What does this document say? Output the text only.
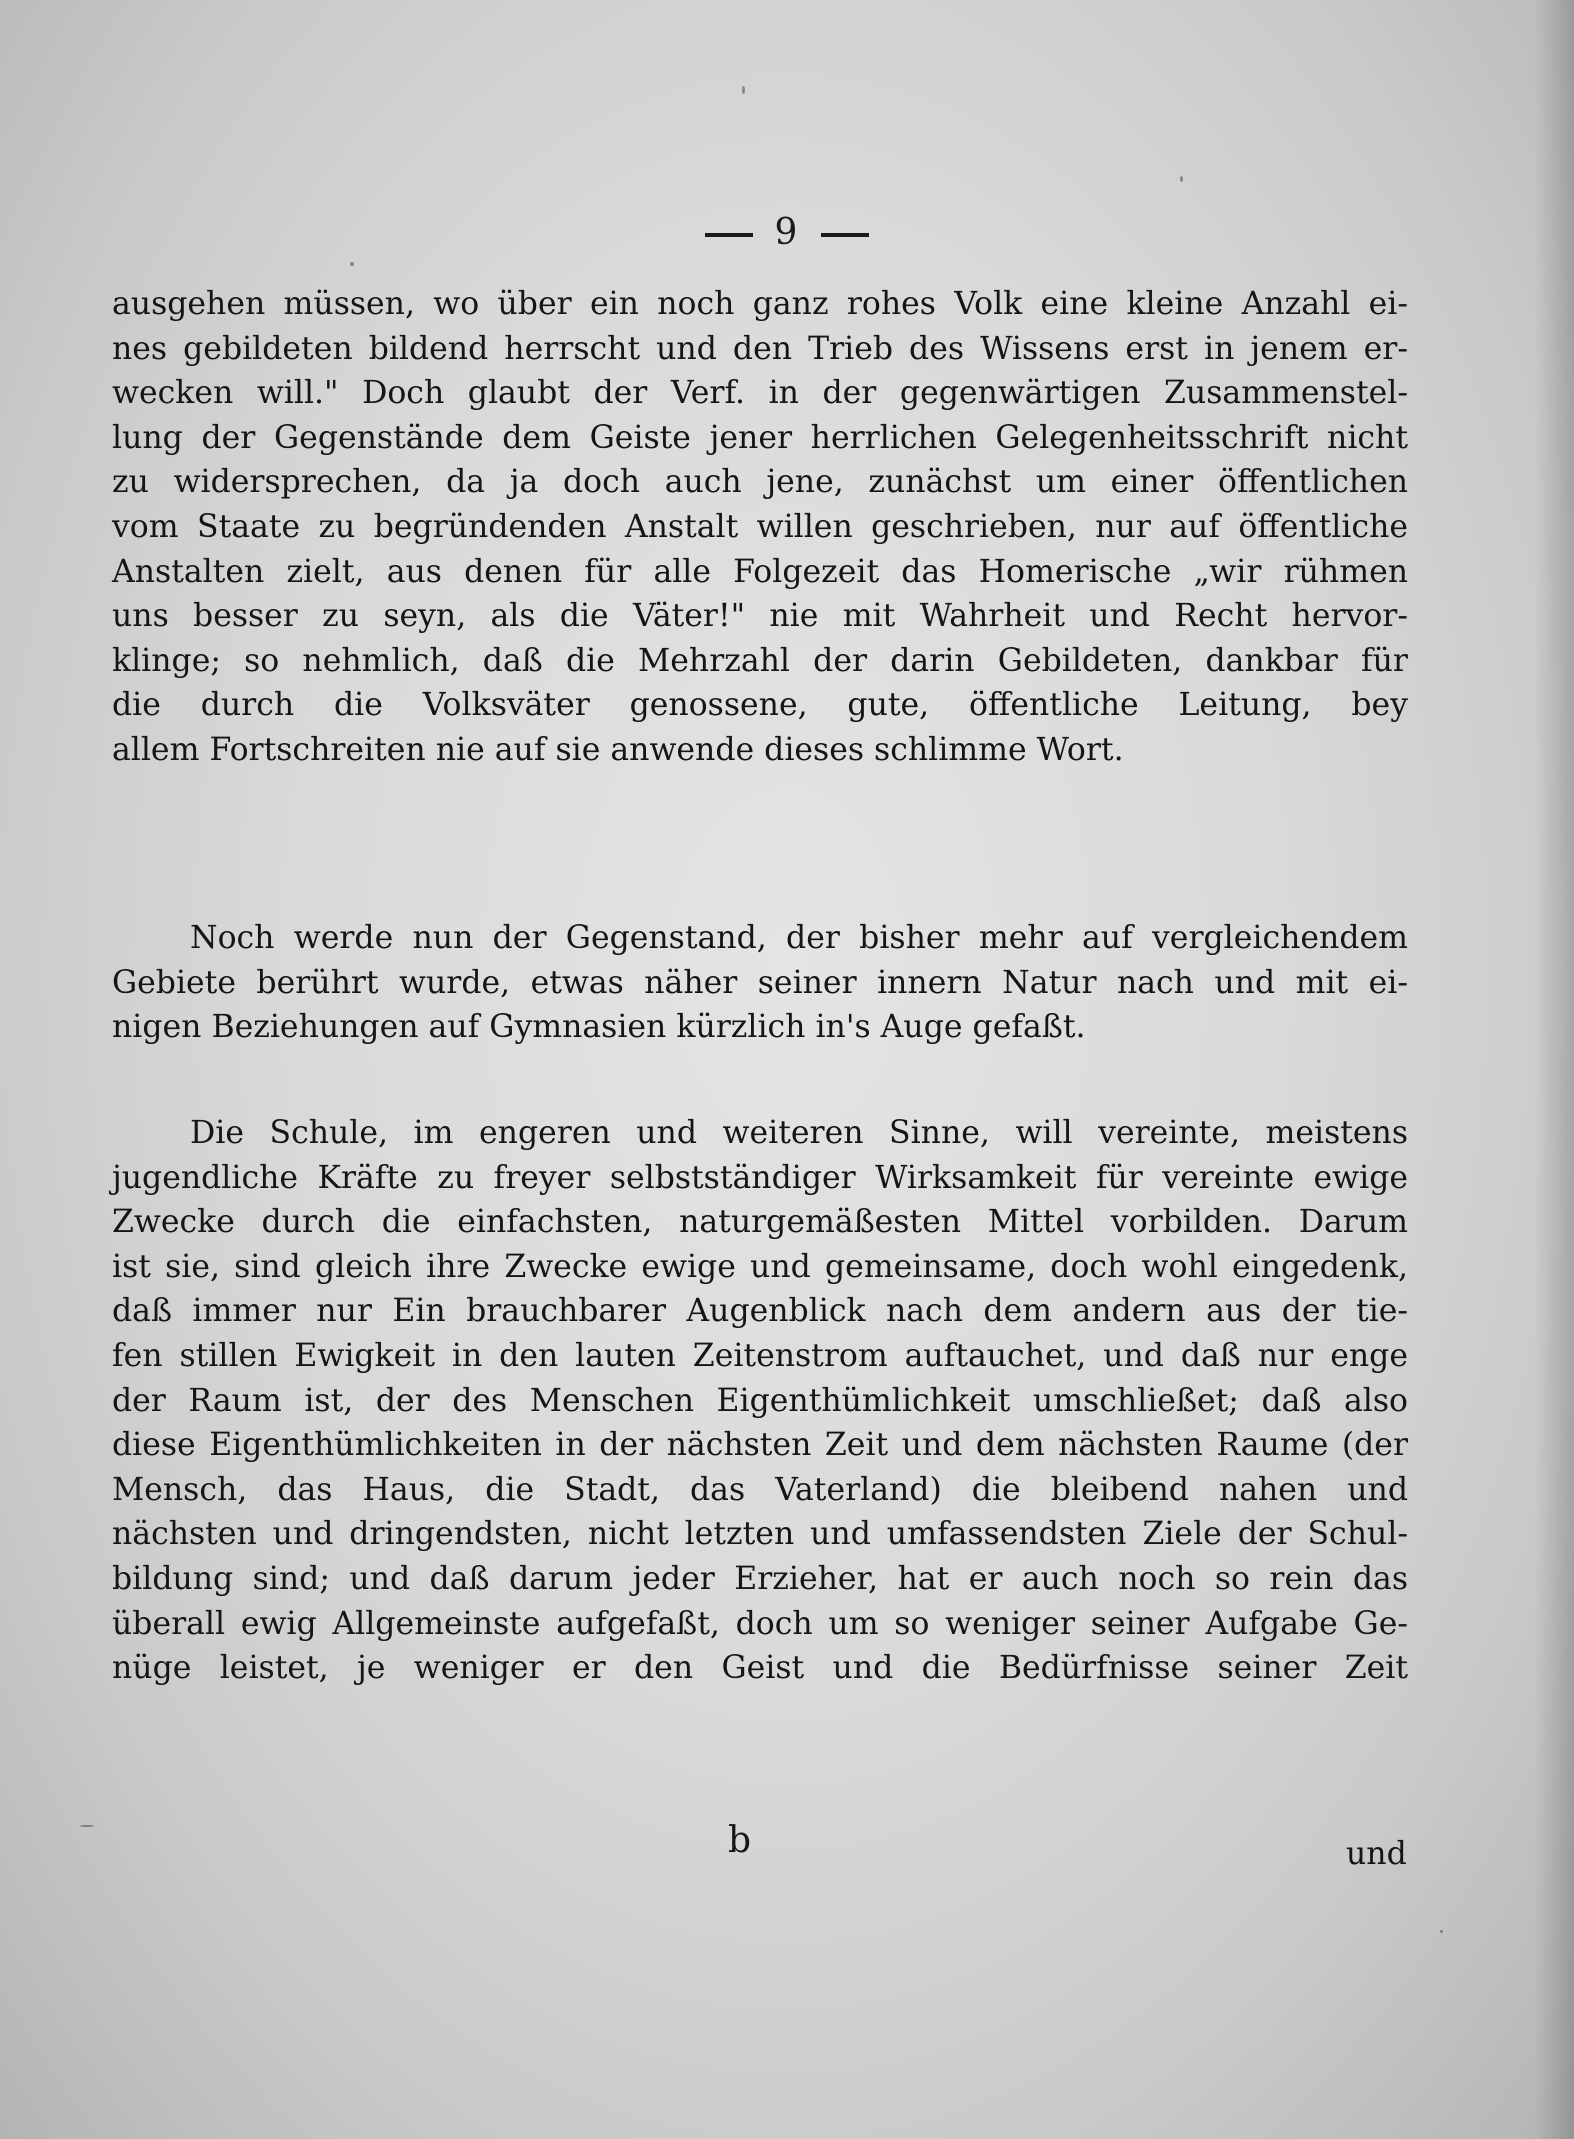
9
ausgehen müssen, wo über ein noch ganz rohes Volk eine kleine Anzahl ei-
nes gebildeten bildend herrscht und den Trieb des Wissens erst in jenem er-
wecken will." Doch glaubt der Verf. in der gegenwärtigen Zusammenstel-
lung der Gegenstände dem Geiste jener herrlichen Gelegenheitsschrift nicht
zu widersprechen, da ja doch auch jene, zunächst um einer öffentlichen
vom Staate zu begründenden Anstalt willen geschrieben, nur auf öffentliche
Anstalten zielt, aus denen für alle Folgezeit das Homerische „wir rühmen
uns besser zu seyn, als die Väter!" nie mit Wahrheit und Recht hervor-
klinge; so nehmlich, daß die Mehrzahl der darin Gebildeten, dankbar für
die durch die Volksväter genossene, gute, öffentliche Leitung, bey
allem Fortschreiten nie auf sie anwende dieses schlimme Wort.
Noch werde nun der Gegenstand, der bisher mehr auf vergleichendem
Gebiete berührt wurde, etwas näher seiner innern Natur nach und mit ei-
nigen Beziehungen auf Gymnasien kürzlich in's Auge gefaßt.
Die Schule, im engeren und weiteren Sinne, will vereinte, meistens
jugendliche Kräfte zu freyer selbstständiger Wirksamkeit für vereinte ewige
Zwecke durch die einfachsten, naturgemäßesten Mittel vorbilden. Darum
ist sie, sind gleich ihre Zwecke ewige und gemeinsame, doch wohl eingedenk,
daß immer nur Ein brauchbarer Augenblick nach dem andern aus der tie-
fen stillen Ewigkeit in den lauten Zeitenstrom auftauchet, und daß nur enge
der Raum ist, der des Menschen Eigenthümlichkeit umschließet; daß also
diese Eigenthümlichkeiten in der nächsten Zeit und dem nächsten Raume (der
Mensch, das Haus, die Stadt, das Vaterland) die bleibend nahen und
nächsten und dringendsten, nicht letzten und umfassendsten Ziele der Schul-
bildung sind; und daß darum jeder Erzieher, hat er auch noch so rein das
überall ewig Allgemeinste aufgefaßt, doch um so weniger seiner Aufgabe Ge-
nüge leistet, je weniger er den Geist und die Bedürfnisse seiner Zeit
b	und
